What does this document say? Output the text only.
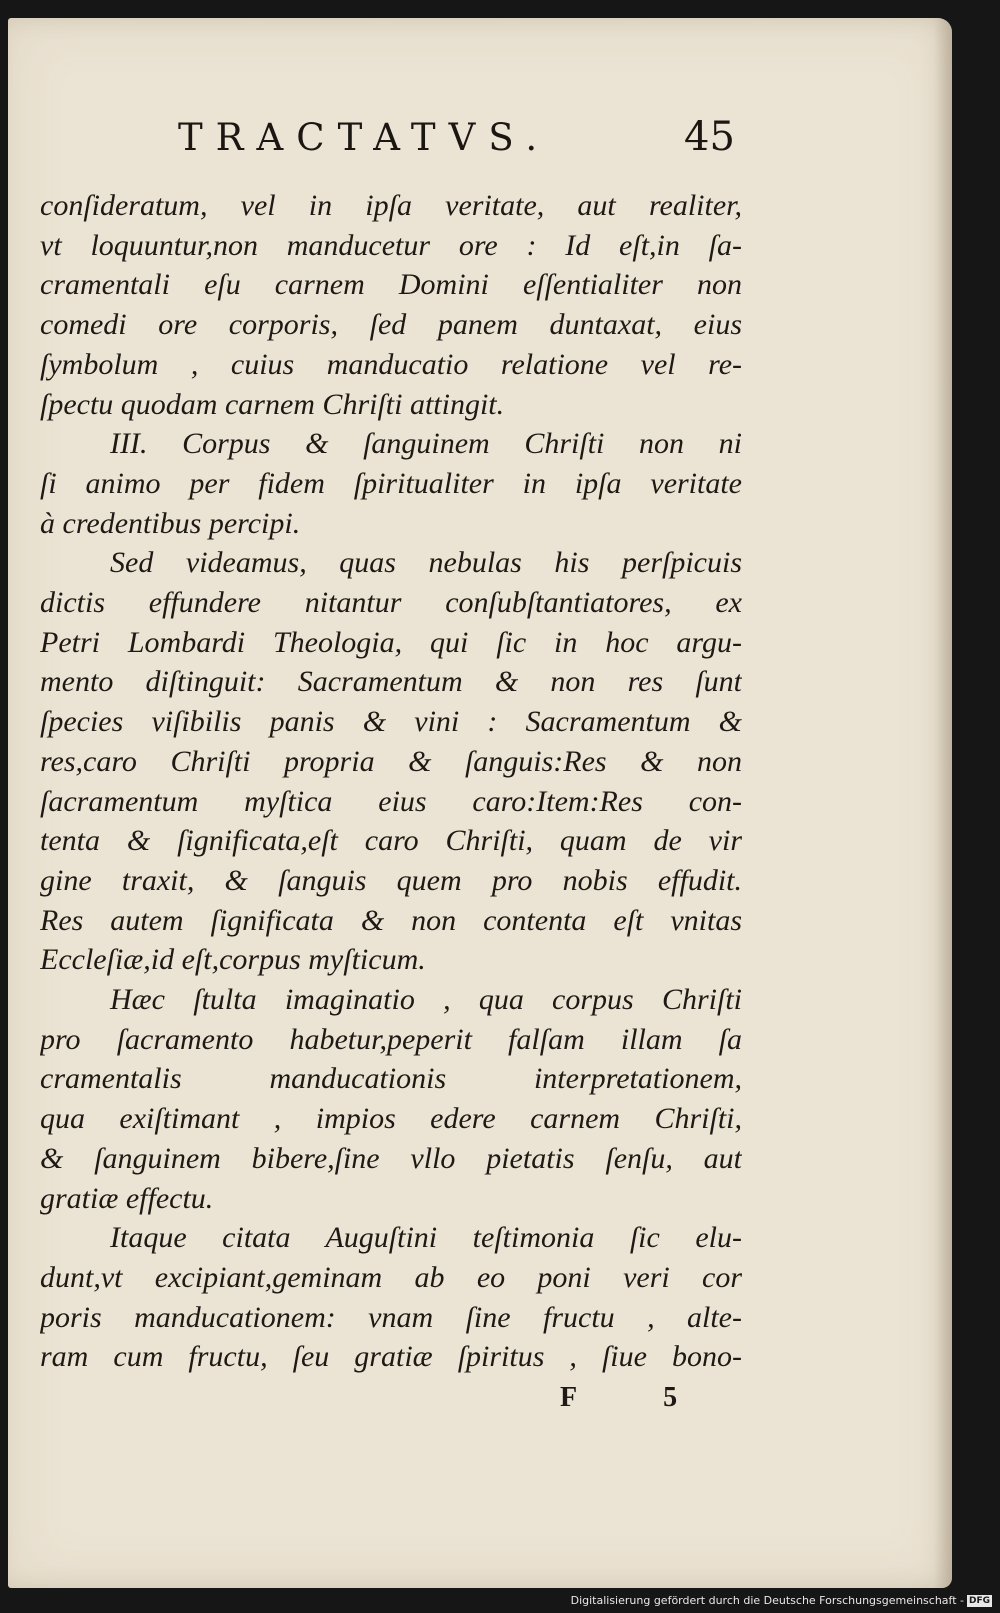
TRACTATVS.	45
conſideratum, vel in ipſa veritate, aut realiter,
vt loquuntur,non manducetur ore : Id eſt,in ſa-
cramentali eſu carnem Domini eſſentialiter non
comedi ore corporis, ſed panem duntaxat, eius
ſymbolum , cuius manducatio relatione vel re-
ſpectu quodam carnem Chriſti attingit.
III. Corpus & ſanguinem Chriſti non ni
ſi animo per fidem ſpiritualiter in ipſa veritate
à credentibus percipi.
Sed videamus, quas nebulas his perſpicuis
dictis effundere nitantur conſubſtantiatores, ex
Petri Lombardi Theologia, qui ſic in hoc argu-
mento diſtinguit: Sacramentum & non res ſunt
ſpecies viſibilis panis & vini : Sacramentum &
res,caro Chriſti propria & ſanguis:Res & non
ſacramentum myſtica eius caro:Item:Res con-
tenta & ſignificata,eſt caro Chriſti, quam de vir
gine traxit, & ſanguis quem pro nobis effudit.
Res autem ſignificata & non contenta eſt vnitas
Eccleſiæ,id eſt,corpus myſticum.
Hæc ſtulta imaginatio , qua corpus Chriſti
pro ſacramento habetur,peperit falſam illam ſa
cramentalis manducationis interpretationem,
qua exiſtimant , impios edere carnem Chriſti,
& ſanguinem bibere,ſine vllo pietatis ſenſu, aut
gratiæ effectu.
Itaque citata Auguſtini teſtimonia ſic elu-
dunt,vt excipiant,geminam ab eo poni veri cor
poris manducationem: vnam ſine fructu , alte-
ram cum fructu, ſeu gratiæ ſpiritus , ſiue bono-
F 5
Digitalisierung gefördert durch die Deutsche Forschungsgemeinschaft - DFG
